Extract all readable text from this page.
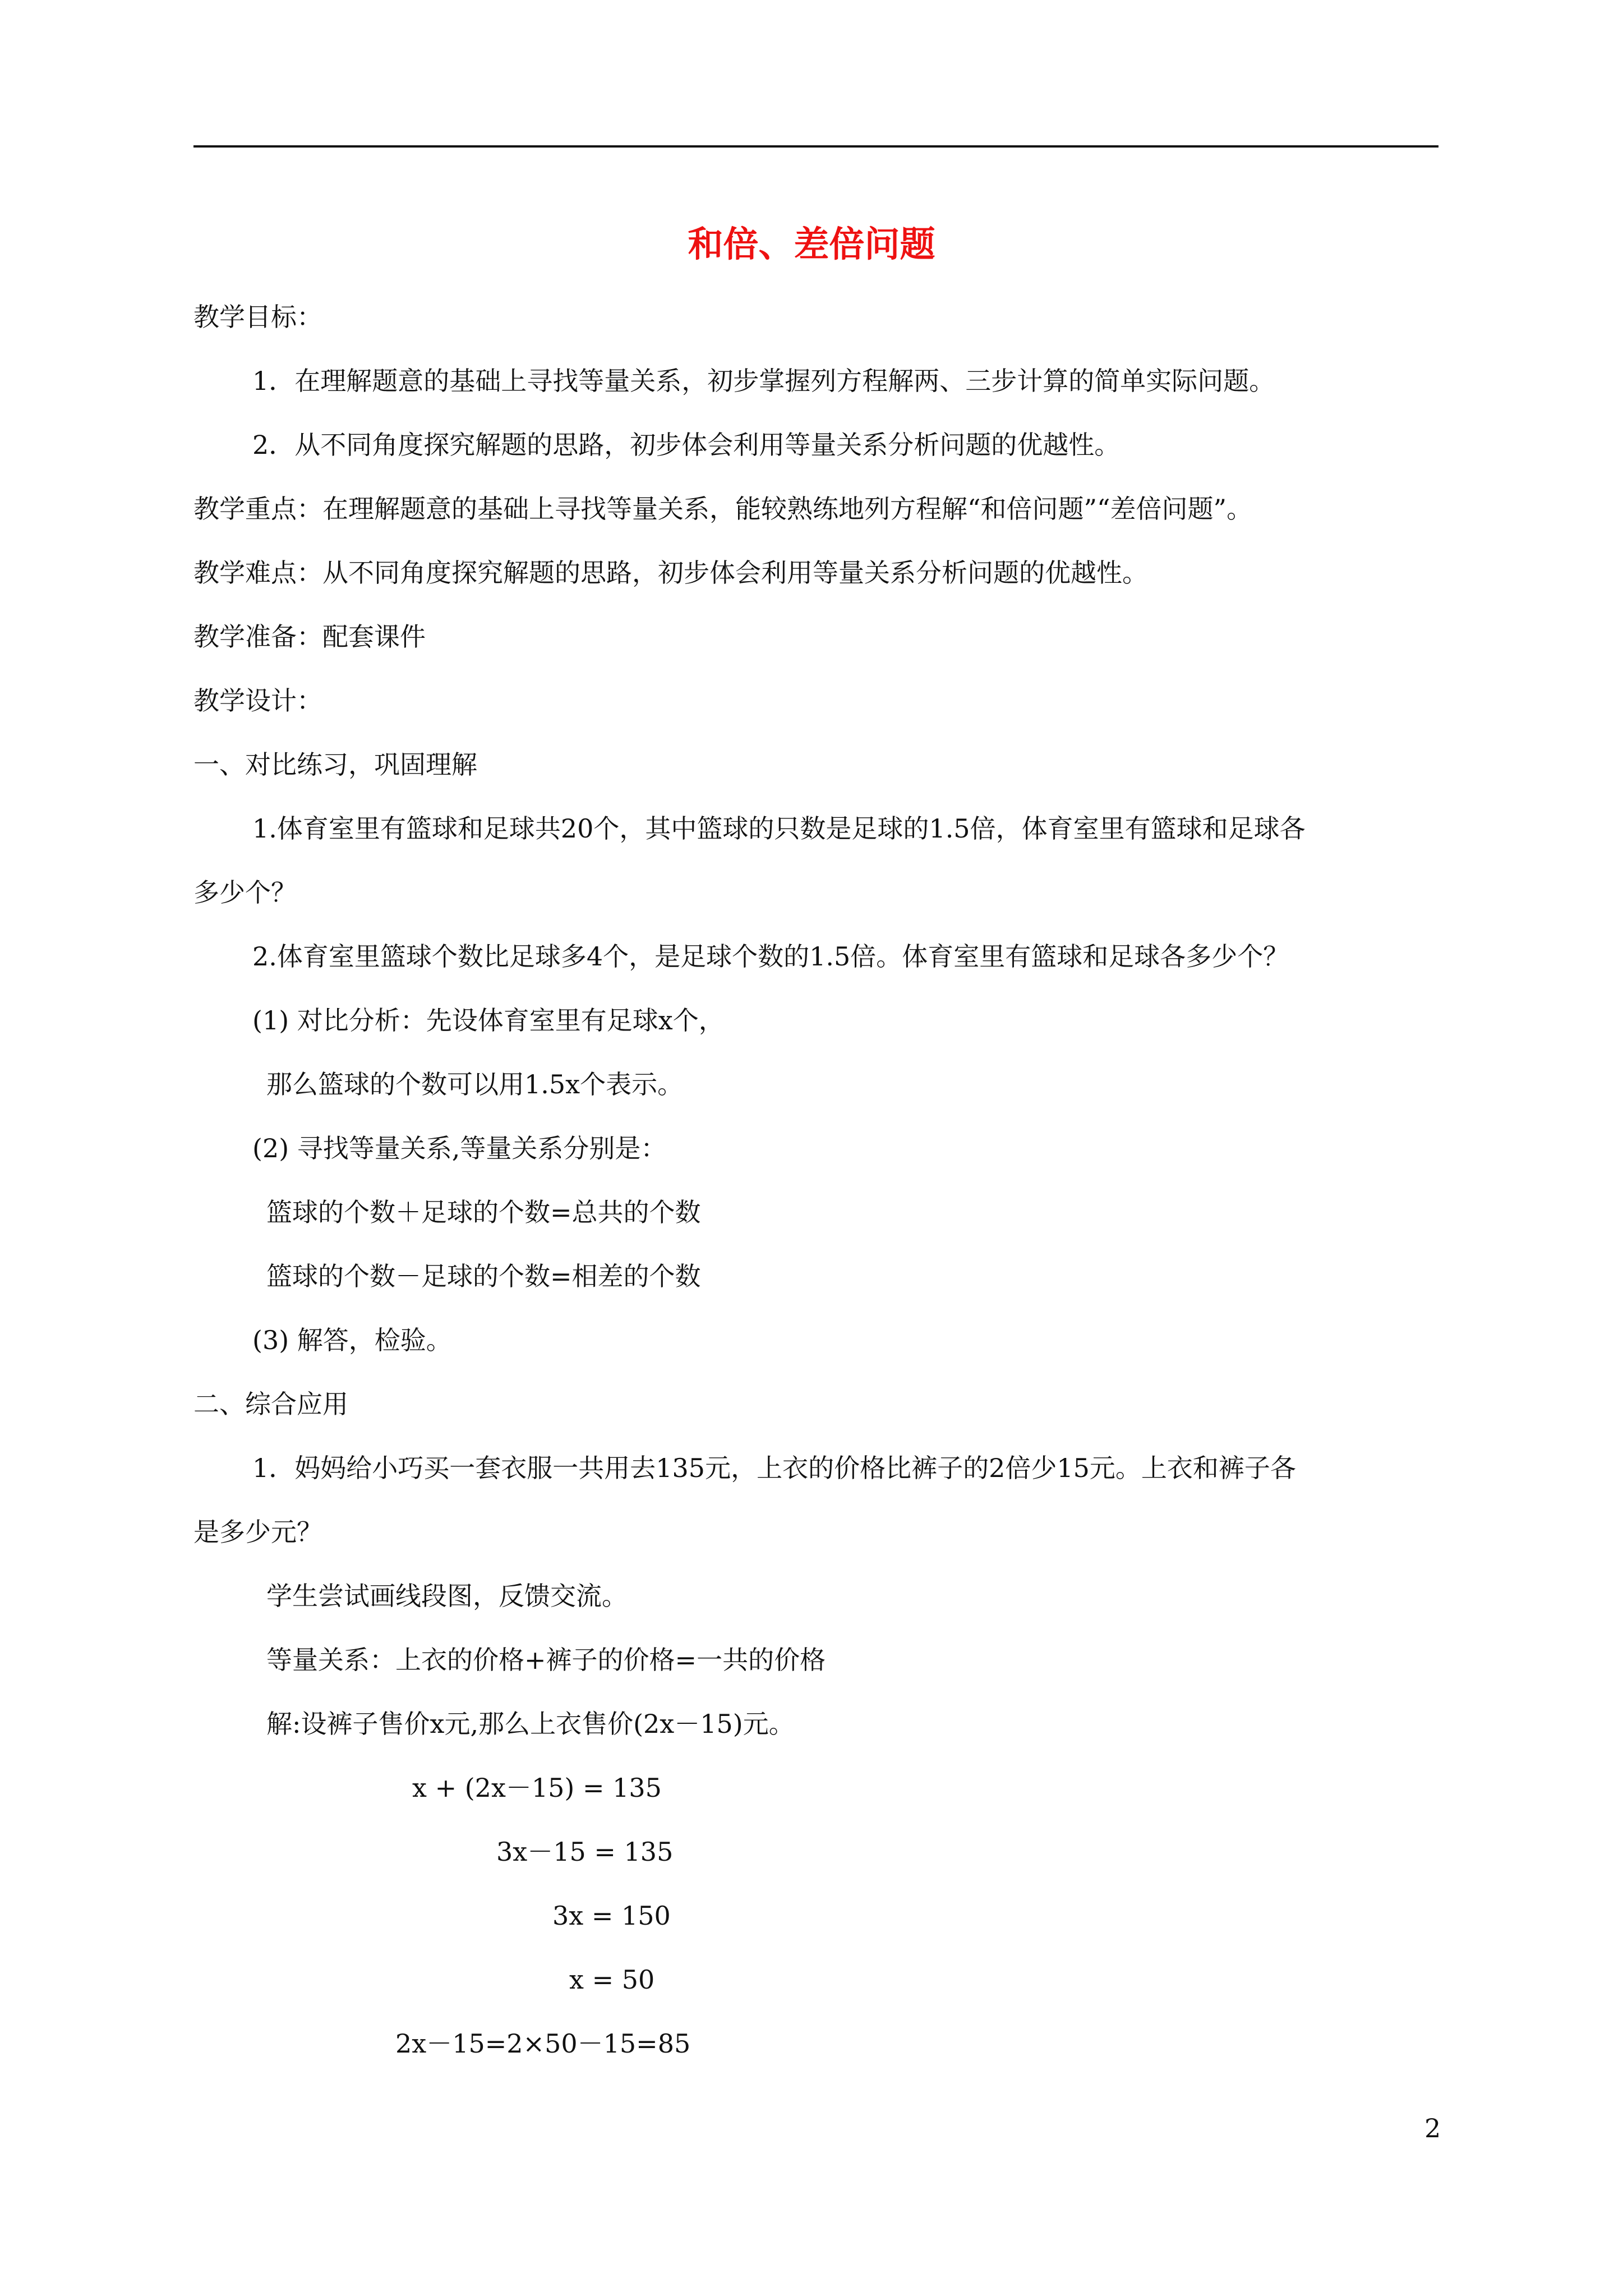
和倍、差倍问题
教学目标：
1．在理解题意的基础上寻找等量关系，初步掌握列方程解两、三步计算的简单实际问题。
2．从不同角度探究解题的思路，初步体会利用等量关系分析问题的优越性。
教学重点：在理解题意的基础上寻找等量关系，能较熟练地列方程解“和倍问题”“差倍问题”。
教学难点：从不同角度探究解题的思路，初步体会利用等量关系分析问题的优越性。
教学准备：配套课件
教学设计：
一、对比练习，巩固理解
1.体育室里有篮球和足球共20个，其中篮球的只数是足球的1.5倍，体育室里有篮球和足球各
多少个？
2.体育室里篮球个数比足球多4个，是足球个数的1.5倍。体育室里有篮球和足球各多少个？
(1) 对比分析：先设体育室里有足球x个，
那么篮球的个数可以用1.5x个表示。
(2) 寻找等量关系,等量关系分别是：
篮球的个数＋足球的个数=总共的个数
篮球的个数－足球的个数=相差的个数
(3) 解答，检验。
二、综合应用
1．妈妈给小巧买一套衣服一共用去135元，上衣的价格比裤子的2倍少15元。上衣和裤子各
是多少元？
学生尝试画线段图，反馈交流。
等量关系：上衣的价格+裤子的价格=一共的价格
解:设裤子售价x元,那么上衣售价(2x－15)元。
x + (2x－15) = 135
3x－15 = 135
3x = 150
x = 50
2x－15=2×50－15=85
2
